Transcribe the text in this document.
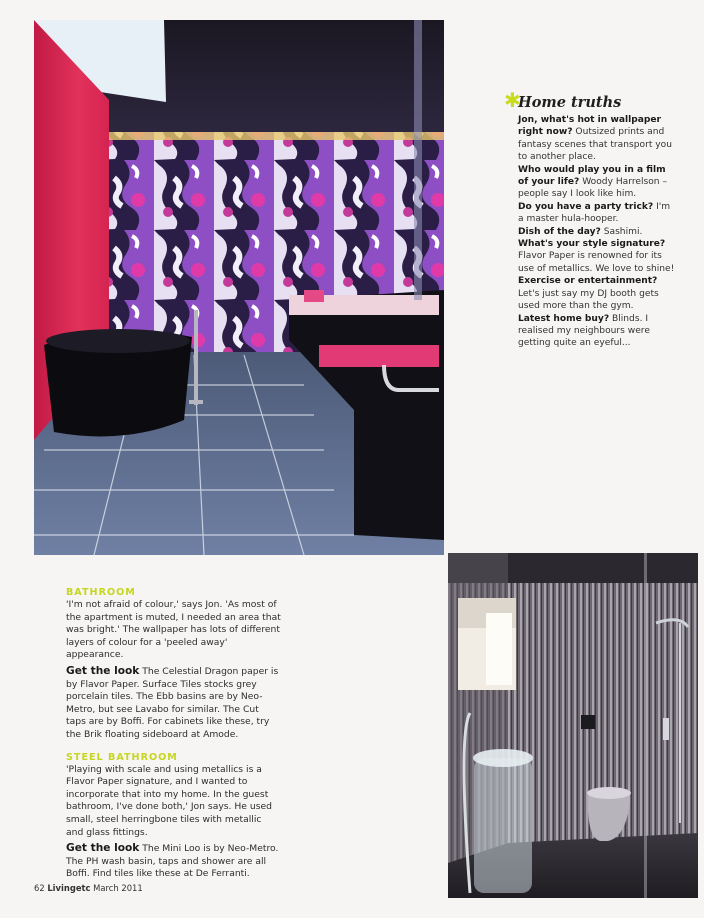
✱
Home truths

Jon, what's hot in wallpaper right now? Outsized prints and fantasy scenes that transport you to another place.

Who would play you in a film of your life? Woody Harrelson – people say I look like him.

Do you have a party trick? I'm a master hula-hooper.

Dish of the day? Sashimi.

What's your style signature? Flavor Paper is renowned for its use of metallics. We love to shine!

Exercise or entertainment? Let's just say my DJ booth gets used more than the gym.

Latest home buy? Blinds. I realised my neighbours were getting quite an eyeful...

BATHROOM

'I'm not afraid of colour,' says Jon. 'As most of the apartment is muted, I needed an area that was bright.' The wallpaper has lots of different layers of colour for a 'peeled away' appearance.

Get the look The Celestial Dragon paper is by Flavor Paper. Surface Tiles stocks grey porcelain tiles. The Ebb basins are by Neo-Metro, but see Lavabo for similar. The Cut taps are by Boffi. For cabinets like these, try the Brik floating sideboard at Amode.

STEEL BATHROOM

'Playing with scale and using metallics is a Flavor Paper signature, and I wanted to incorporate that into my home. In the guest bathroom, I've done both,' Jon says. He used small, steel herringbone tiles with metallic and glass fittings.

Get the look The Mini Loo is by Neo-Metro. The PH wash basin, taps and shower are all Boffi. Find tiles like these at De Ferranti.

62 Livingetc March 2011
